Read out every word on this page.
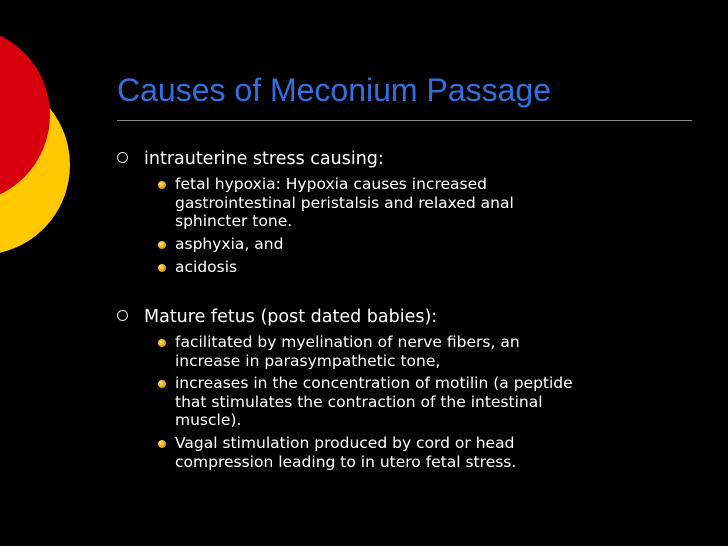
Causes of Meconium Passage
intrauterine stress causing:
fetal hypoxia: Hypoxia causes increased
gastrointestinal peristalsis and relaxed anal
sphincter tone.
asphyxia, and
acidosis
Mature fetus (post dated babies):
facilitated by myelination of nerve fibers, an
increase in parasympathetic tone,
increases in the concentration of motilin (a peptide
that stimulates the contraction of the intestinal
muscle).
Vagal stimulation produced by cord or head
compression leading to in utero fetal stress.
